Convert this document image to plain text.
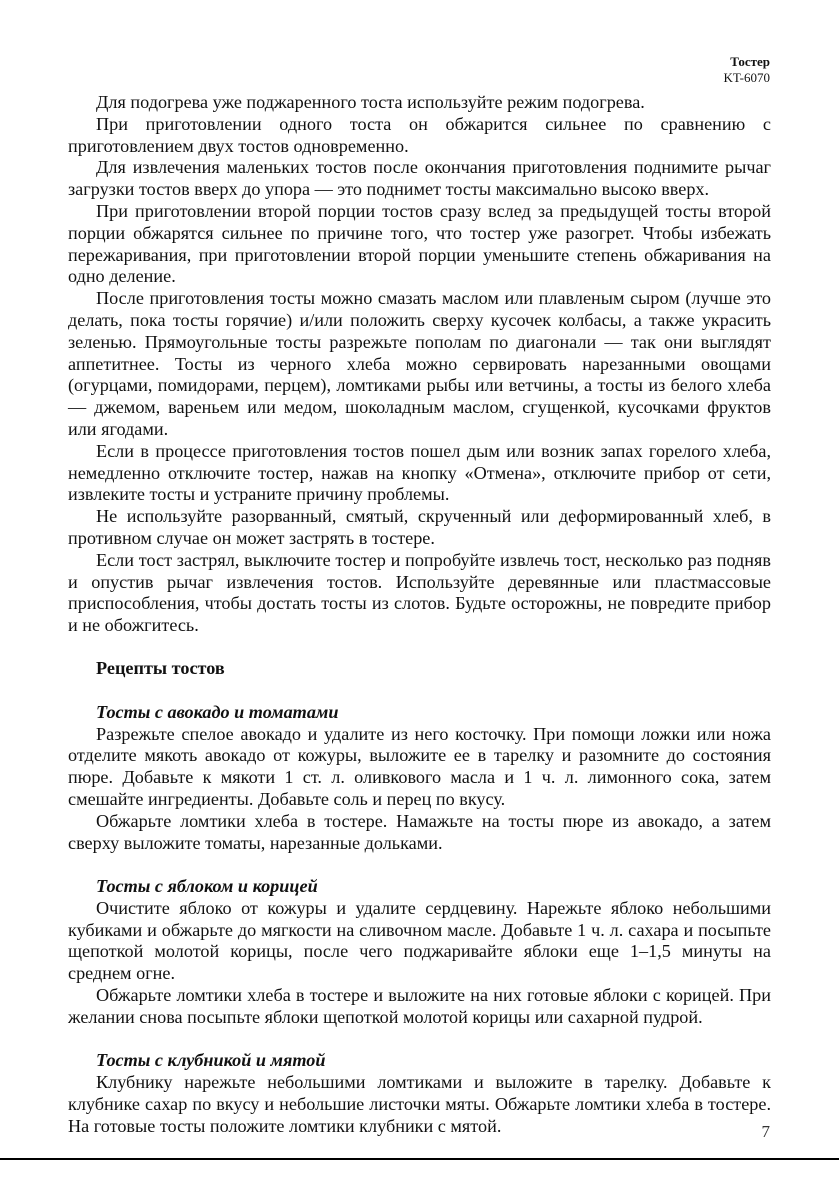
Тостер
KT-6070

Для подогрева уже поджаренного тоста используйте режим подогрева.

При приготовлении одного тоста он обжарится сильнее по сравнению с приготовлением двух тостов одновременно.

Для извлечения маленьких тостов после окончания приготовления поднимите рычаг загрузки тостов вверх до упора — это поднимет тосты максимально высоко вверх.

При приготовлении второй порции тостов сразу вслед за предыдущей тосты второй порции обжарятся сильнее по причине того, что тостер уже разогрет. Чтобы избежать пережаривания, при приготовлении второй порции уменьшите степень обжаривания на одно деление.

После приготовления тосты можно смазать маслом или плавленым сыром (лучше это делать, пока тосты горячие) и/или положить сверху кусочек колбасы, а также украсить зеленью. Прямоугольные тосты разрежьте пополам по диагонали — так они выглядят аппетитнее. Тосты из черного хлеба можно сервировать нарезанными овощами (огурцами, помидорами, перцем), ломтиками рыбы или ветчины, а тосты из белого хлеба — джемом, вареньем или медом, шоколадным маслом, сгущенкой, кусочками фруктов или ягодами.

Если в процессе приготовления тостов пошел дым или возник запах горелого хлеба, немедленно отключите тостер, нажав на кнопку «Отмена», отключите прибор от сети, извлеките тосты и устраните причину проблемы.

Не используйте разорванный, смятый, скрученный или деформированный хлеб, в противном случае он может застрять в тостере.

Если тост застрял, выключите тостер и попробуйте извлечь тост, несколько раз подняв и опустив рычаг извлечения тостов. Используйте деревянные или пластмассовые приспособления, чтобы достать тосты из слотов. Будьте осторожны, не повредите прибор и не обожгитесь.

Рецепты тостов
Тосты с авокадо и томатами

Разрежьте спелое авокадо и удалите из него косточку. При помощи ложки или ножа отделите мякоть авокадо от кожуры, выложите ее в тарелку и разомните до состояния пюре. Добавьте к мякоти 1 ст. л. оливкового масла и 1 ч. л. лимонного сока, затем смешайте ингредиенты. Добавьте соль и перец по вкусу.

Обжарьте ломтики хлеба в тостере. Намажьте на тосты пюре из авокадо, а затем сверху выложите томаты, нарезанные дольками.

Тосты с яблоком и корицей

Очистите яблоко от кожуры и удалите сердцевину. Нарежьте яблоко небольшими кубиками и обжарьте до мягкости на сливочном масле. Добавьте 1 ч. л. сахара и посыпьте щепоткой молотой корицы, после чего поджаривайте яблоки еще 1–1,5 минуты на среднем огне.

Обжарьте ломтики хлеба в тостере и выложите на них готовые яблоки с корицей. При желании снова посыпьте яблоки щепоткой молотой корицы или сахарной пудрой.

Тосты с клубникой и мятой

Клубнику нарежьте небольшими ломтиками и выложите в тарелку. Добавьте к клубнике сахар по вкусу и небольшие листочки мяты. Обжарьте ломтики хлеба в тостере. На готовые тосты положите ломтики клубники с мятой.	7
